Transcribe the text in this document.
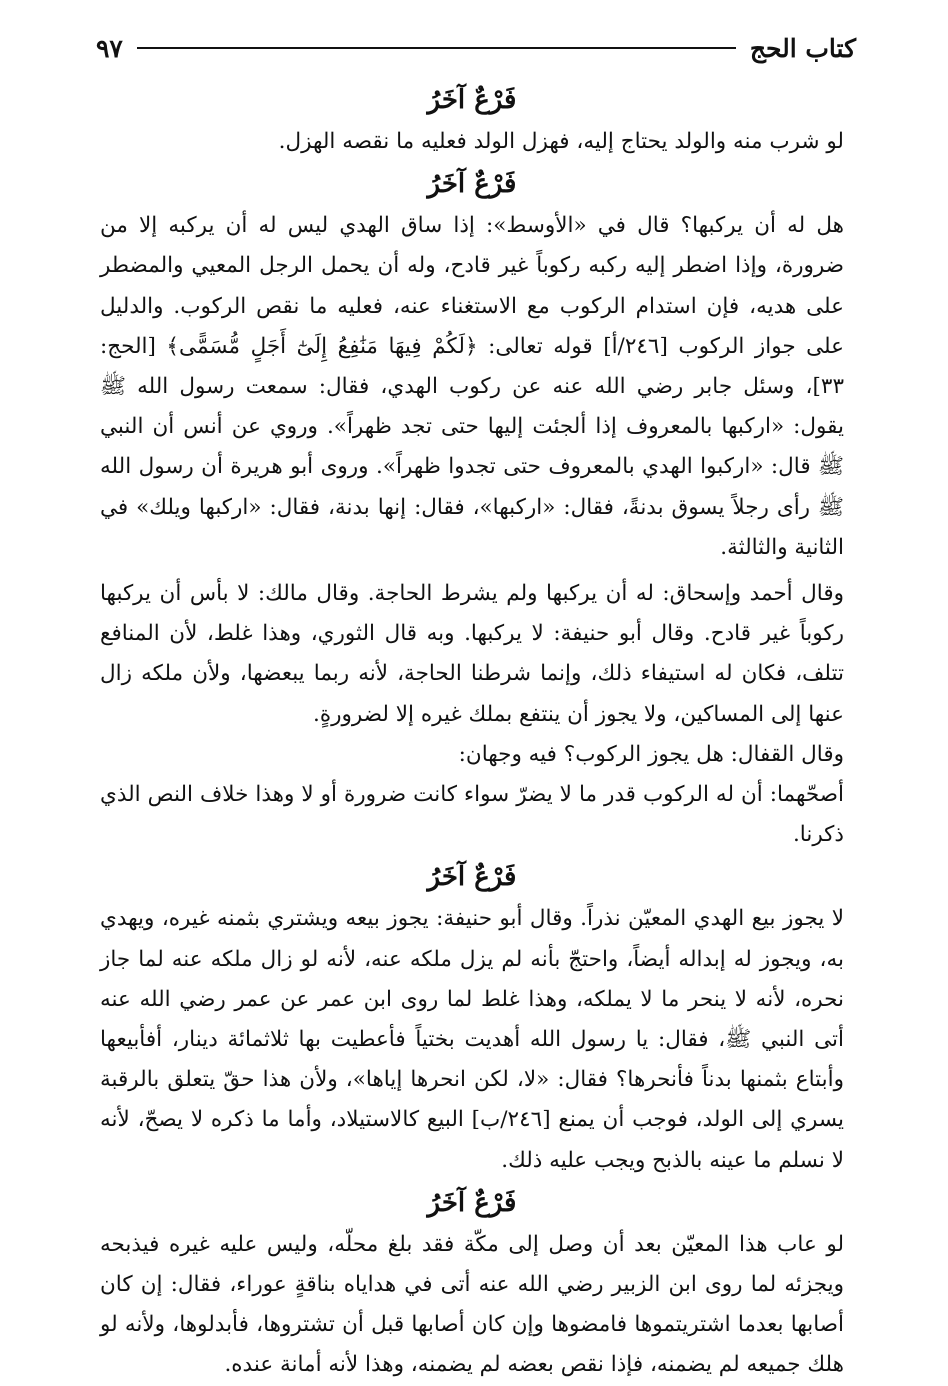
كتاب الحج
٩٧
فَرْعٌ آخَرُ

لو شرب منه والولد يحتاج إليه، فهزل الولد فعليه ما نقصه الهزل.

فَرْعٌ آخَرُ

هل له أن يركبها؟ قال في «الأوسط»: إذا ساق الهدي ليس له أن يركبه إلا من ضرورة، وإذا اضطر إليه ركبه ركوباً غير قادح، وله أن يحمل الرجل المعيي والمضطر على هديه، فإن استدام الركوب مع الاستغناء عنه، فعليه ما نقص الركوب. والدليل على جواز الركوب [٢٤٦/أ] قوله تعالى: ﴿لَكُمْ فِيهَا مَنَٰفِعُ إِلَىٰٓ أَجَلٍ مُّسَمًّى﴾ [الحج: ٣٣]، وسئل جابر رضي الله عنه عن ركوب الهدي، فقال: سمعت رسول الله ﷺ يقول: «اركبها بالمعروف إذا ألجئت إليها حتى تجد ظهراً». وروي عن أنس أن النبي ﷺ قال: «اركبوا الهدي بالمعروف حتى تجدوا ظهراً». وروى أبو هريرة أن رسول الله ﷺ رأى رجلاً يسوق بدنةً، فقال: «اركبها»، فقال: إنها بدنة، فقال: «اركبها ويلك» في الثانية والثالثة.

وقال أحمد وإسحاق: له أن يركبها ولم يشرط الحاجة. وقال مالك: لا بأس أن يركبها ركوباً غير قادح. وقال أبو حنيفة: لا يركبها. وبه قال الثوري، وهذا غلط، لأن المنافع تتلف، فكان له استيفاء ذلك، وإنما شرطنا الحاجة، لأنه ربما يبعضها، ولأن ملكه زال عنها إلى المساكين، ولا يجوز أن ينتفع بملك غيره إلا لضرورةٍ.

وقال القفال: هل يجوز الركوب؟ فيه وجهان:

أصحّهما: أن له الركوب قدر ما لا يضرّ سواء كانت ضرورة أو لا وهذا خلاف النص الذي ذكرنا.

فَرْعٌ آخَرُ

لا يجوز بيع الهدي المعيّن نذراً. وقال أبو حنيفة: يجوز بيعه ويشتري بثمنه غيره، ويهدي به، ويجوز له إبداله أيضاً، واحتجّ بأنه لم يزل ملكه عنه، لأنه لو زال ملكه عنه لما جاز نحره، لأنه لا ينحر ما لا يملكه، وهذا غلط لما روى ابن عمر عن عمر رضي الله عنه أتى النبي ﷺ، فقال: يا رسول الله أهديت بختياً فأعطيت بها ثلاثمائة دينار، أفأبيعها وأبتاع بثمنها بدناً فأنحرها؟ فقال: «لا، لكن انحرها إياها»، ولأن هذا حقّ يتعلق بالرقبة يسري إلى الولد، فوجب أن يمنع [٢٤٦/ب] البيع كالاستيلاد، وأما ما ذكره لا يصحّ، لأنه لا نسلم ما عينه بالذبح ويجب عليه ذلك.

فَرْعٌ آخَرُ

لو عاب هذا المعيّن بعد أن وصل إلى مكّة فقد بلغ محلّه، وليس عليه غيره فيذبحه ويجزئه لما روى ابن الزبير رضي الله عنه أتى في هداياه بناقةٍ عوراء، فقال: إن كان أصابها بعدما اشتريتموها فامضوها وإن كان أصابها قبل أن تشتروها، فأبدلوها، ولأنه لو هلك جميعه لم يضمنه، فإذا نقص بعضه لم يضمنه، وهذا لأنه أمانة عنده.
